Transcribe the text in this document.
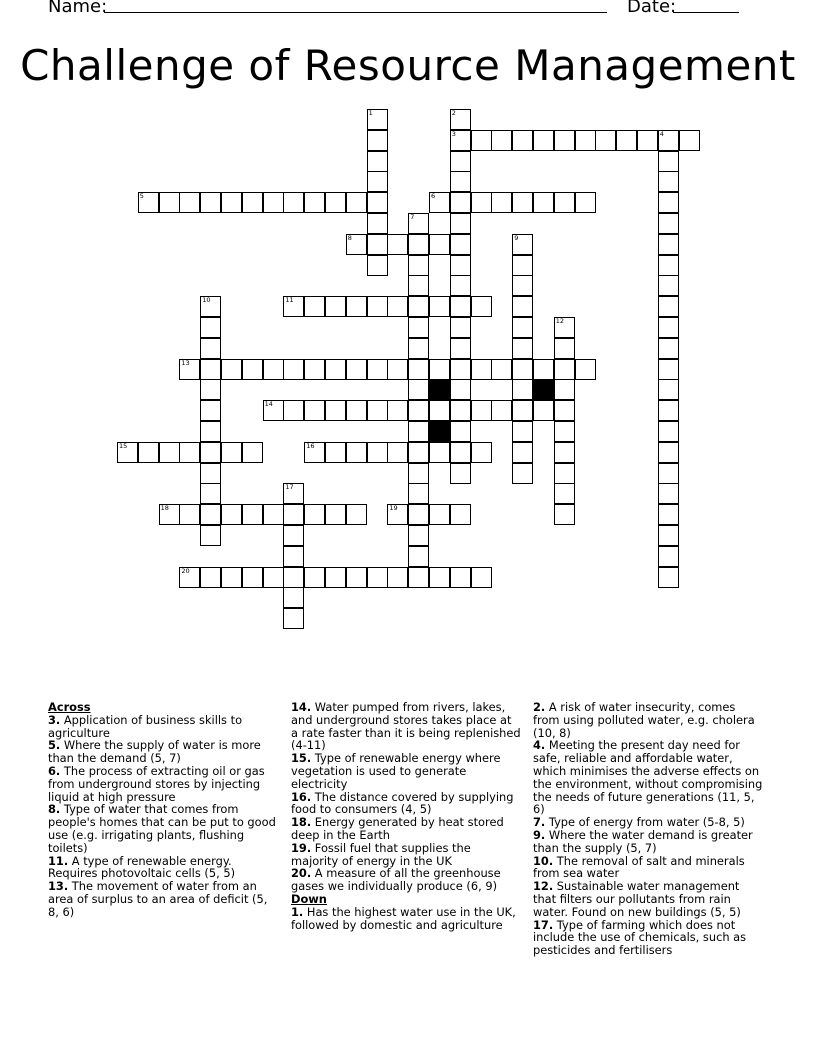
Name:	Date:
Challenge of Resource Management
1	2
3	4
5	6
7
8	9
10	11
12
13
14
15	16
17
18	19
20
Across
3. Application of business skills to agriculture
5. Where the supply of water is more than the demand (5, 7)
6. The process of extracting oil or gas from underground stores by injecting liquid at high pressure
8. Type of water that comes from people's homes that can be put to good use (e.g. irrigating plants, flushing toilets)
11. A type of renewable energy. Requires photovoltaic cells (5, 5)
13. The movement of water from an area of surplus to an area of deficit (5, 8, 6)
14. Water pumped from rivers, lakes, and underground stores takes place at a rate faster than it is being replenished (4-11)
15. Type of renewable energy where vegetation is used to generate electricity
16. The distance covered by supplying food to consumers (4, 5)
18. Energy generated by heat stored deep in the Earth
19. Fossil fuel that supplies the majority of energy in the UK
20. A measure of all the greenhouse gases we individually produce (6, 9)
Down
1. Has the highest water use in the UK, followed by domestic and agriculture
2. A risk of water insecurity, comes from using polluted water, e.g. cholera (10, 8)
4. Meeting the present day need for safe, reliable and affordable water, which minimises the adverse effects on the environment, without compromising the needs of future generations (11, 5, 6)
7. Type of energy from water (5-8, 5)
9. Where the water demand is greater than the supply (5, 7)
10. The removal of salt and minerals from sea water
12. Sustainable water management that filters our pollutants from rain water. Found on new buildings (5, 5)
17. Type of farming which does not include the use of chemicals, such as pesticides and fertilisers
